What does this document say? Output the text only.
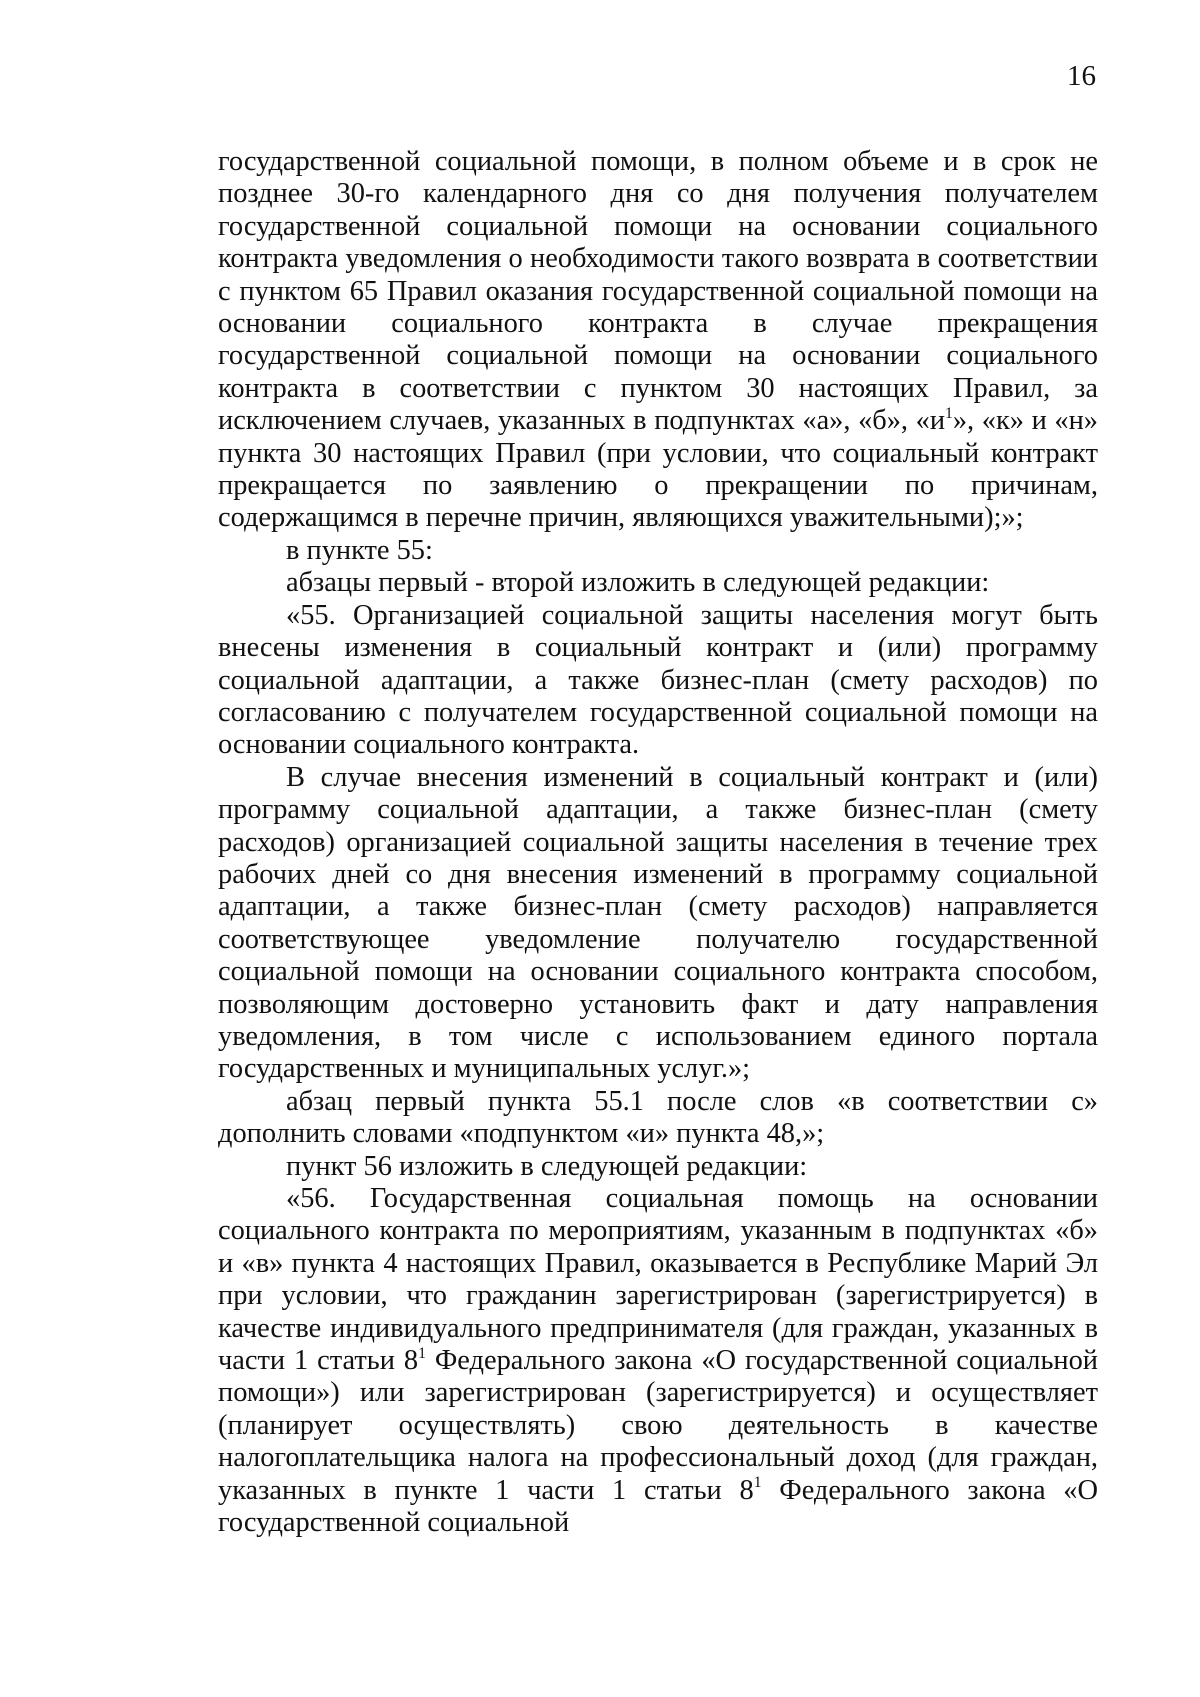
16

государственной социальной помощи, в полном объеме и в срок не позднее 30-го календарного дня со дня получения получателем государственной социальной помощи на основании социального контракта уведомления о необходимости такого возврата в соответствии с пунктом 65 Правил оказания государственной социальной помощи на основании социального контракта в случае прекращения государственной социальной помощи на основании социального контракта в соответствии с пунктом 30 настоящих Правил, за исключением случаев, указанных в подпунктах «а», «б», «$и^1$», «к» и «н» пункта 30 настоящих Правил (при условии, что социальный контракт прекращается по заявлению о прекращении по причинам, содержащимся в перечне причин, являющихся уважительными);»;

в пункте 55:

абзацы первый - второй изложить в следующей редакции:

«55. Организацией социальной защиты населения могут быть внесены изменения в социальный контракт и (или) программу социальной адаптации, а также бизнес-план (смету расходов) по согласованию с получателем государственной социальной помощи на основании социального контракта.

В случае внесения изменений в социальный контракт и (или) программу социальной адаптации, а также бизнес-план (смету расходов) организацией социальной защиты населения в течение трех рабочих дней со дня внесения изменений в программу социальной адаптации, а также бизнес-план (смету расходов) направляется соответствующее уведомление получателю государственной социальной помощи на основании социального контракта способом, позволяющим достоверно установить факт и дату направления уведомления, в том числе с использованием единого портала государственных и муниципальных услуг.»;

абзац первый пункта 55.1 после слов «в соответствии с» дополнить словами «подпунктом «и» пункта 48,»;

пункт 56 изложить в следующей редакции:

«56. Государственная социальная помощь на основании социального контракта по мероприятиям, указанным в подпунктах «б» и «в» пункта 4 настоящих Правил, оказывается в Республике Марий Эл при условии, что гражданин зарегистрирован (зарегистрируется) в качестве индивидуального предпринимателя (для граждан, указанных в части 1 статьи $8^1$ Федерального закона «О государственной социальной помощи») или зарегистрирован (зарегистрируется) и осуществляет (планирует осуществлять) свою деятельность в качестве налогоплательщика налога на профессиональный доход (для граждан, указанных в пункте 1 части 1 статьи $8^1$ Федерального закона «О государственной социальной
